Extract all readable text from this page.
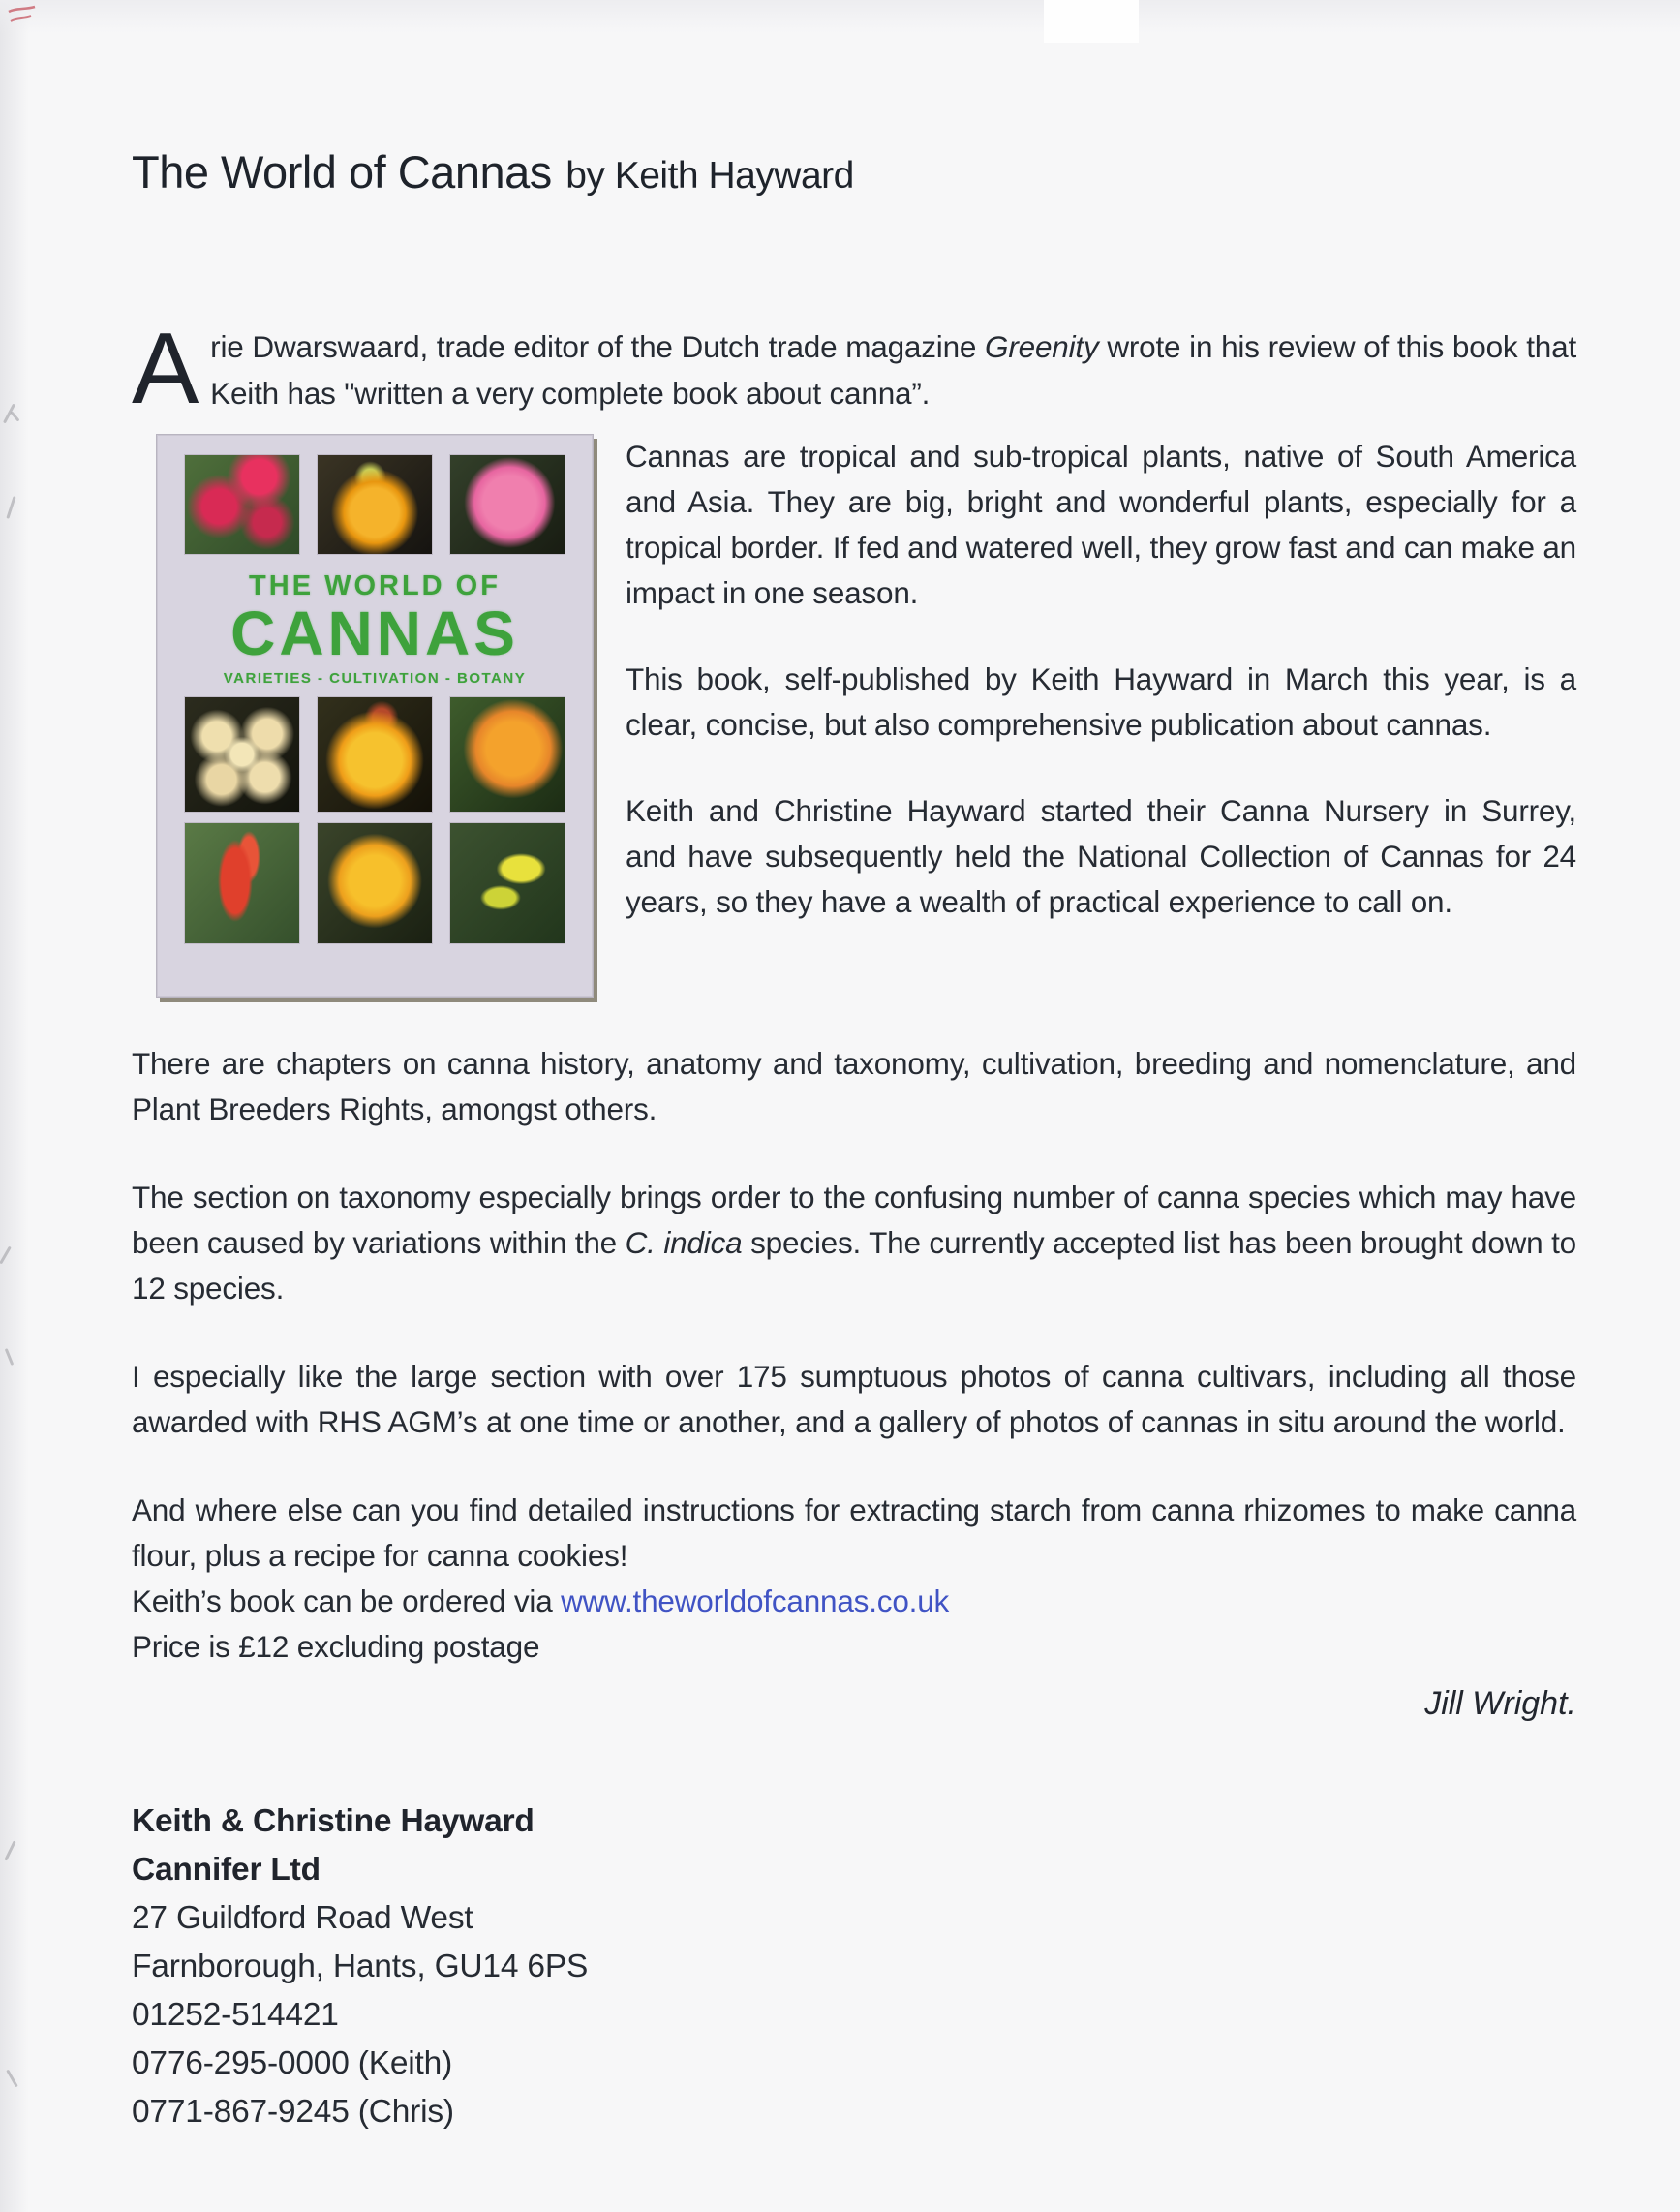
The World of Cannas by Keith Hayward
Arie Dwarswaard, trade editor of the Dutch trade magazine Greenity wrote in his review of this book that Keith has "written a very complete book about canna”.
THE WORLD OF
CANNAS
VARIETIES - CULTIVATION - BOTANY

Cannas are tropical and sub-tropical plants, native of South America and Asia. They are big, bright and wonderful plants, especially for a tropical border. If fed and watered well, they grow fast and can make an impact in one season.

This book, self-published by Keith Hayward in March this year, is a clear, concise, but also comprehensive publication about cannas.

Keith and Christine Hayward started their Canna Nursery in Surrey, and have subsequently held the National Collection of Cannas for 24 years, so they have a wealth of practical experience to call on.

There are chapters on canna history, anatomy and taxonomy, cultivation, breeding and nomenclature, and Plant Breeders Rights, amongst others.

The section on taxonomy especially brings order to the confusing number of canna species which may have been caused by variations within the C. indica species. The currently accepted list has been brought down to 12 species.

I especially like the large section with over 175 sumptuous photos of canna cultivars, including all those awarded with RHS AGM’s at one time or another, and a gallery of photos of cannas in situ around the world.

And where else can you find detailed instructions for extracting starch from canna rhizomes to make canna flour, plus a recipe for canna cookies!

Keith’s book can be ordered via www.theworldofcannas.co.uk

Price is £12 excluding postage

Jill Wright.

Keith & Christine Hayward
Cannifer Ltd
27 Guildford Road West
Farnborough, Hants, GU14 6PS
01252-514421
0776-295-0000 (Keith)
0771-867-9245 (Chris)
